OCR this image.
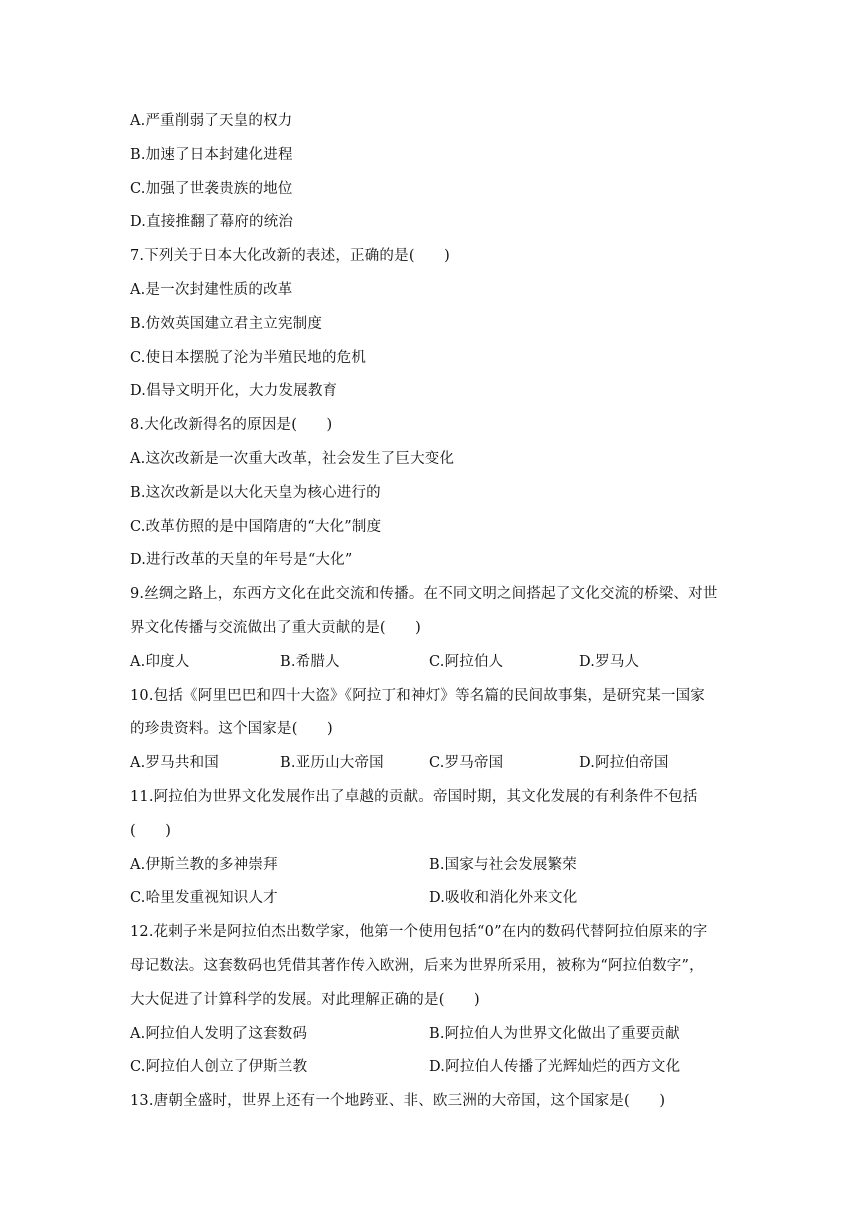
A.严重削弱了天皇的权力
B.加速了日本封建化进程
C.加强了世袭贵族的地位
D.直接推翻了幕府的统治
7.下列关于日本大化改新的表述，正确的是(　　)
A.是一次封建性质的改革
B.仿效英国建立君主立宪制度
C.使日本摆脱了沦为半殖民地的危机
D.倡导文明开化，大力发展教育
8.大化改新得名的原因是(　　)
A.这次改新是一次重大改革，社会发生了巨大变化
B.这次改新是以大化天皇为核心进行的
C.改革仿照的是中国隋唐的“大化”制度
D.进行改革的天皇的年号是“大化”
9.丝绸之路上，东西方文化在此交流和传播。在不同文明之间搭起了文化交流的桥梁、对世
界文化传播与交流做出了重大贡献的是(　　)
A.印度人	B.希腊人	C.阿拉伯人	D.罗马人
10.包括《阿里巴巴和四十大盗》《阿拉丁和神灯》等名篇的民间故事集，是研究某一国家
的珍贵资料。这个国家是(　　)
A.罗马共和国	B.亚历山大帝国	C.罗马帝国	D.阿拉伯帝国
11.阿拉伯为世界文化发展作出了卓越的贡献。帝国时期，其文化发展的有利条件不包括
(　　)
A.伊斯兰教的多神崇拜	B.国家与社会发展繁荣
C.哈里发重视知识人才	D.吸收和消化外来文化
12.花剌子米是阿拉伯杰出数学家，他第一个使用包括“0”在内的数码代替阿拉伯原来的字
母记数法。这套数码也凭借其著作传入欧洲，后来为世界所采用，被称为“阿拉伯数字”，
大大促进了计算科学的发展。对此理解正确的是(　　)
A.阿拉伯人发明了这套数码	B.阿拉伯人为世界文化做出了重要贡献
C.阿拉伯人创立了伊斯兰教	D.阿拉伯人传播了光辉灿烂的西方文化
13.唐朝全盛时，世界上还有一个地跨亚、非、欧三洲的大帝国，这个国家是(　　)
